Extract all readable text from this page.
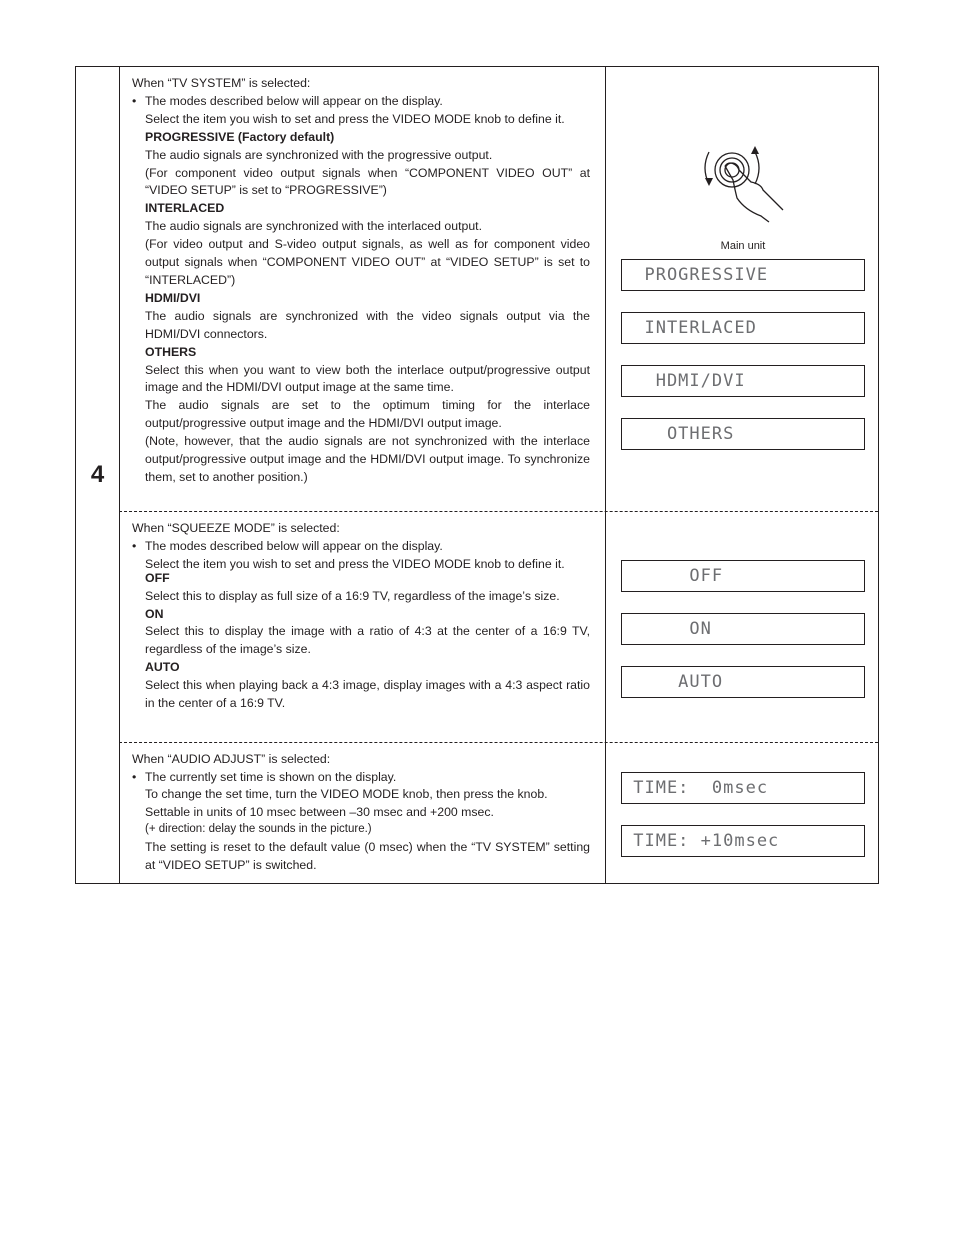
4

When “TV SYSTEM” is selected:

• The modes described below will appear on the display.

Select the item you wish to set and press the VIDEO MODE knob to define it.

PROGRESSIVE (Factory default)

The audio signals are synchronized with the progressive output.

(For component video output signals when “COMPONENT VIDEO OUT” at “VIDEO SETUP” is set to “PROGRESSIVE”)

INTERLACED

The audio signals are synchronized with the interlaced output.

(For video output and S-video output signals, as well as for component video output signals when “COMPONENT VIDEO OUT” at “VIDEO SETUP” is set to “INTERLACED”)

HDMI/DVI

The audio signals are synchronized with the video signals output via the HDMI/DVI connectors.

OTHERS

Select this when you want to view both the interlace output/progressive output image and the HDMI/DVI output image at the same time.

The audio signals are set to the optimum timing for the interlace output/progressive output image and the HDMI/DVI output image.

(Note, however, that the audio signals are not synchronized with the interlace output/progressive output image and the HDMI/DVI output image. To synchronize them, set to another position.)

When “SQUEEZE MODE” is selected:

• The modes described below will appear on the display.

Select the item you wish to set and press the VIDEO MODE knob to define it.

OFF

Select this to display as full size of a 16:9 TV, regardless of the image’s size.

ON

Select this to display the image with a ratio of 4:3 at the center of a 16:9 TV, regardless of the image’s size.

AUTO

Select this when playing back a 4:3 image, display images with a 4:3 aspect ratio in the center of a 16:9 TV.

When “AUDIO ADJUST” is selected:

• The currently set time is shown on the display.

To change the set time, turn the VIDEO MODE knob, then press the knob.

Settable in units of 10 msec between –30 msec and +200 msec.

(+ direction: delay the sounds in the picture.)

The setting is reset to the default value (0 msec) when the “TV SYSTEM” setting at “VIDEO SETUP” is switched.

Main unit
PROGRESSIVE
INTERLACED
HDMI/DVI
OTHERS
OFF
ON
AUTO
TIME:  0msec
TIME: +10msec
